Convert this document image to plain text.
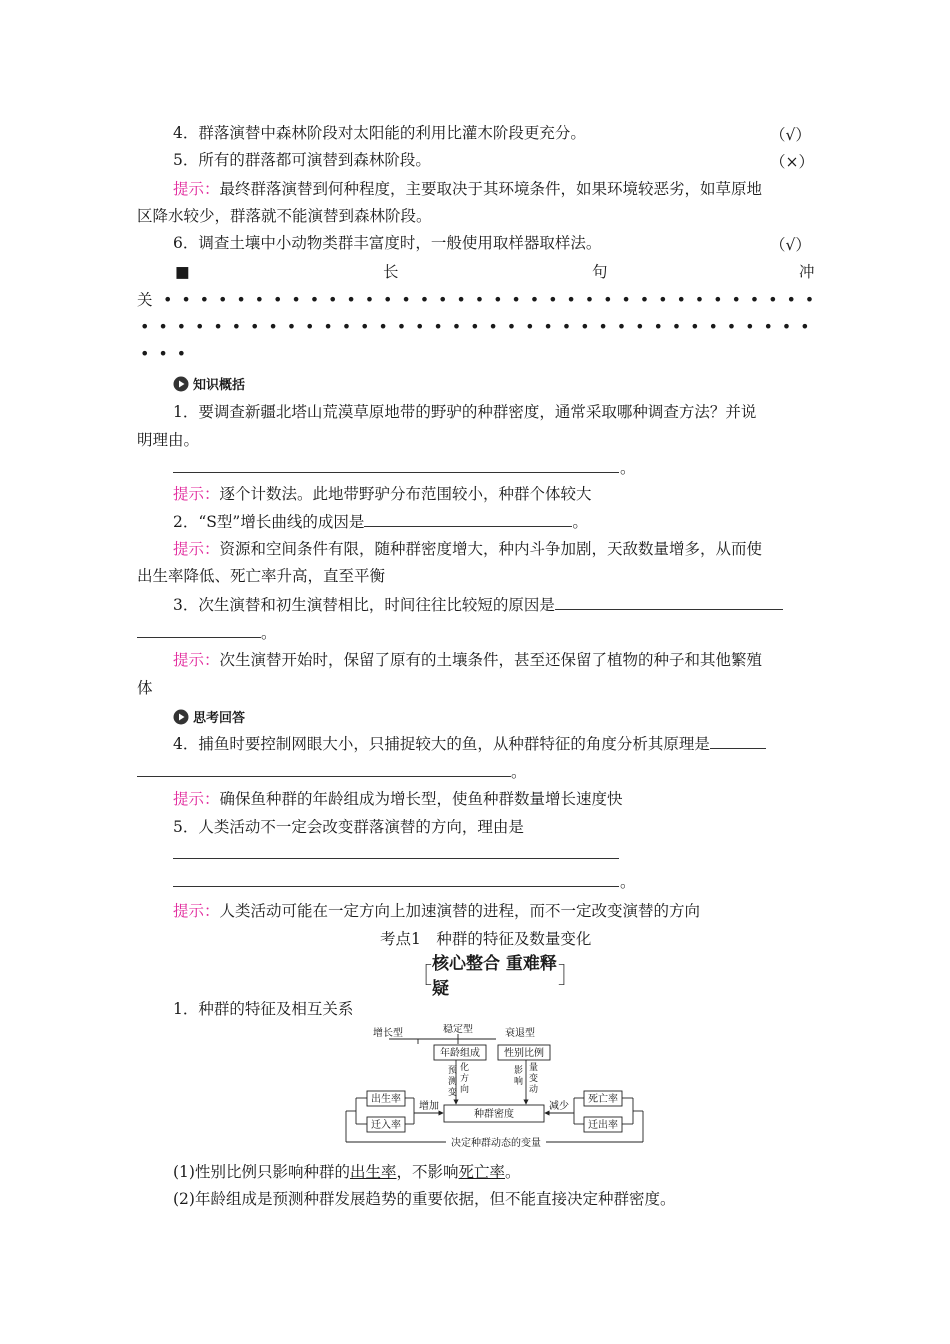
4．群落演替中森林阶段对太阳能的利用比灌木阶段更充分。	（√）
5．所有的群落都可演替到森林阶段。	（×）
提示：最终群落演替到何种程度，主要取决于其环境条件，如果环境较恶劣，如草原地
区降水较少，群落就不能演替到森林阶段。
6．调查土壤中小动物类群丰富度时，一般使用取样器取样法。	（√）
■	长	句	冲
关 ••••••••••••••••••••••••••••••••••••
•••••••••••••••••••••••••••••••••••••
•••
知识概括
1．要调查新疆北塔山荒漠草原地带的野驴的种群密度，通常采取哪种调查方法？并说
明理由。
。
提示：逐个计数法。此地带野驴分布范围较小，种群个体较大
2．“S型”增长曲线的成因是	。
提示：资源和空间条件有限，随种群密度增大，种内斗争加剧，天敌数量增多，从而使
出生率降低、死亡率升高，直至平衡
3．次生演替和初生演替相比，时间往往比较短的原因是
。
提示：次生演替开始时，保留了原有的土壤条件，甚至还保留了植物的种子和其他繁殖
体
思考回答
4．捕鱼时要控制网眼大小，只捕捉较大的鱼，从种群特征的角度分析其原理是
。
提示：确保鱼种群的年龄组成为增长型，使鱼种群数量增长速度快
5．人类活动不一定会改变群落演替的方向，理由是
。
提示：人类活动可能在一定方向上加速演替的进程，而不一定改变演替的方向
考点1　种群的特征及数量变化
［ 核心整合 重难释疑
］
1．种群的特征及相互关系
增长型	稳定型	衰退型
年龄组成 性别比例
预
测
变
化
方
向
影
响
量
变
动
出生率
迁入率
死亡率
迁出率
增加	减少
种群密度
决定种群动态的变量
(1)性别比例只影响种群的出生率，不影响死亡率。
(2)年龄组成是预测种群发展趋势的重要依据，但不能直接决定种群密度。
